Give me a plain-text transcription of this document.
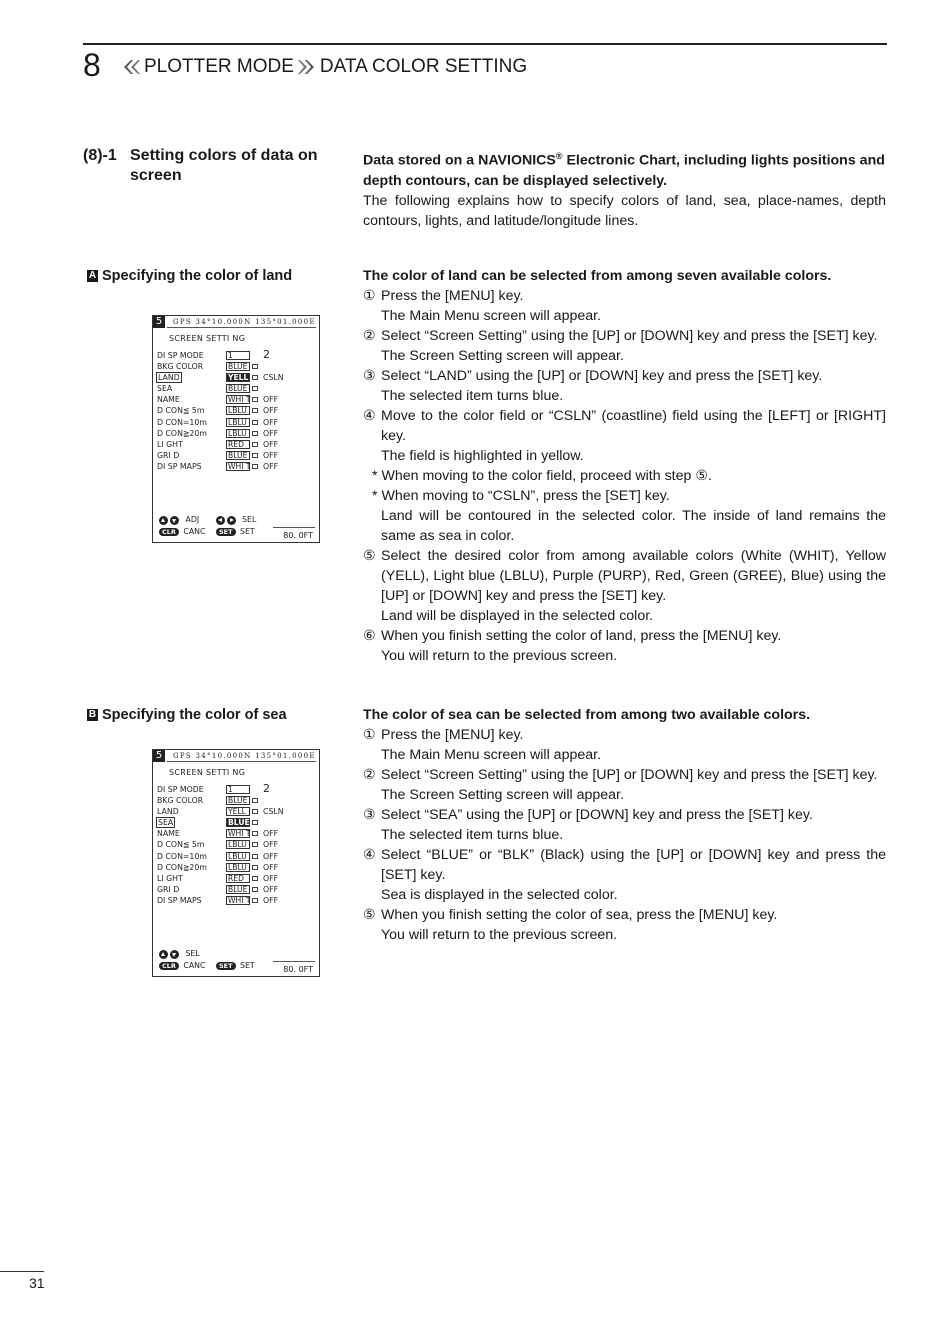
8 PLOTTER MODE DATA COLOR SETTING
(8)-1 Setting colors of data on screen

Data stored on a NAVIONICS® Electronic Chart, including lights positions and depth contours, can be displayed selectively.

The following explains how to specify colors of land, sea, place-names, depth contours, lights, and latitude/longitude lines.

A Specifying the color of land	The color of land can be selected from among seven available colors.

① Press the [MENU] key.

The Main Menu screen will appear.

② Select “Screen Setting” using the [UP] or [DOWN] key and press the [SET] key.

The Screen Setting screen will appear.

③ Select “LAND” using the [UP] or [DOWN] key and press the [SET] key.

The selected item turns blue.

④ Move to the color field or “CSLN” (coastline) field using the [LEFT] or [RIGHT] key.

The field is highlighted in yellow.

* When moving to the color field, proceed with step ⑤.

* When moving to “CSLN”, press the [SET] key.

Land will be contoured in the selected color. The inside of land remains the same as sea in color.

⑤ Select the desired color from among available colors (White (WHIT), Yellow (YELL), Light blue (LBLU), Purple (PURP), Red, Green (GREE), Blue) using the [UP] or [DOWN] key and press the [SET] key.

Land will be displayed in the selected color.

⑥ When you finish setting the color of land, press the [MENU] key.

You will return to the previous screen.

5	GPS 34°10.000N 135°01.000E
SCREEN SETTI NG
DI SP MODE	1	2
BKG COLOR	BLUE
LAND	YELL CSLN
SEA	BLUE
NAME	WHI T OFF
D CON≦ 5m	LBLU	OFF
D CON=10m	LBLU	OFF
D CON≧20m	LBLU	OFF
LI GHT	RED	OFF
GRI D	BLUE	OFF
DI SP MAPS	WHI T OFF
ADJ	SEL
CLR CANC SET SET	80. 0FT
B Specifying the color of sea	The color of sea can be selected from among two available colors.

① Press the [MENU] key.

The Main Menu screen will appear.

② Select “Screen Setting” using the [UP] or [DOWN] key and press the [SET] key.

The Screen Setting screen will appear.

③ Select “SEA” using the [UP] or [DOWN] key and press the [SET] key.

The selected item turns blue.

④ Select “BLUE” or “BLK” (Black) using the [UP] or [DOWN] key and press the [SET] key.

Sea is displayed in the selected color.

⑤ When you finish setting the color of sea, press the [MENU] key.

You will return to the previous screen.

5	GPS 34°10.000N 135°01.000E
SCREEN SETTI NG
DI SP MODE	1	2
BKG COLOR	BLUE
LAND	YELL	CSLN
SEA	BLUE
NAME	WHI T OFF
D CON≦ 5m	LBLU	OFF
D CON=10m	LBLU	OFF
D CON≧20m	LBLU	OFF
LI GHT	RED	OFF
GRI D	BLUE	OFF
DI SP MAPS	WHI T OFF
SEL
CLR CANC SET SET	80. 0FT
31
